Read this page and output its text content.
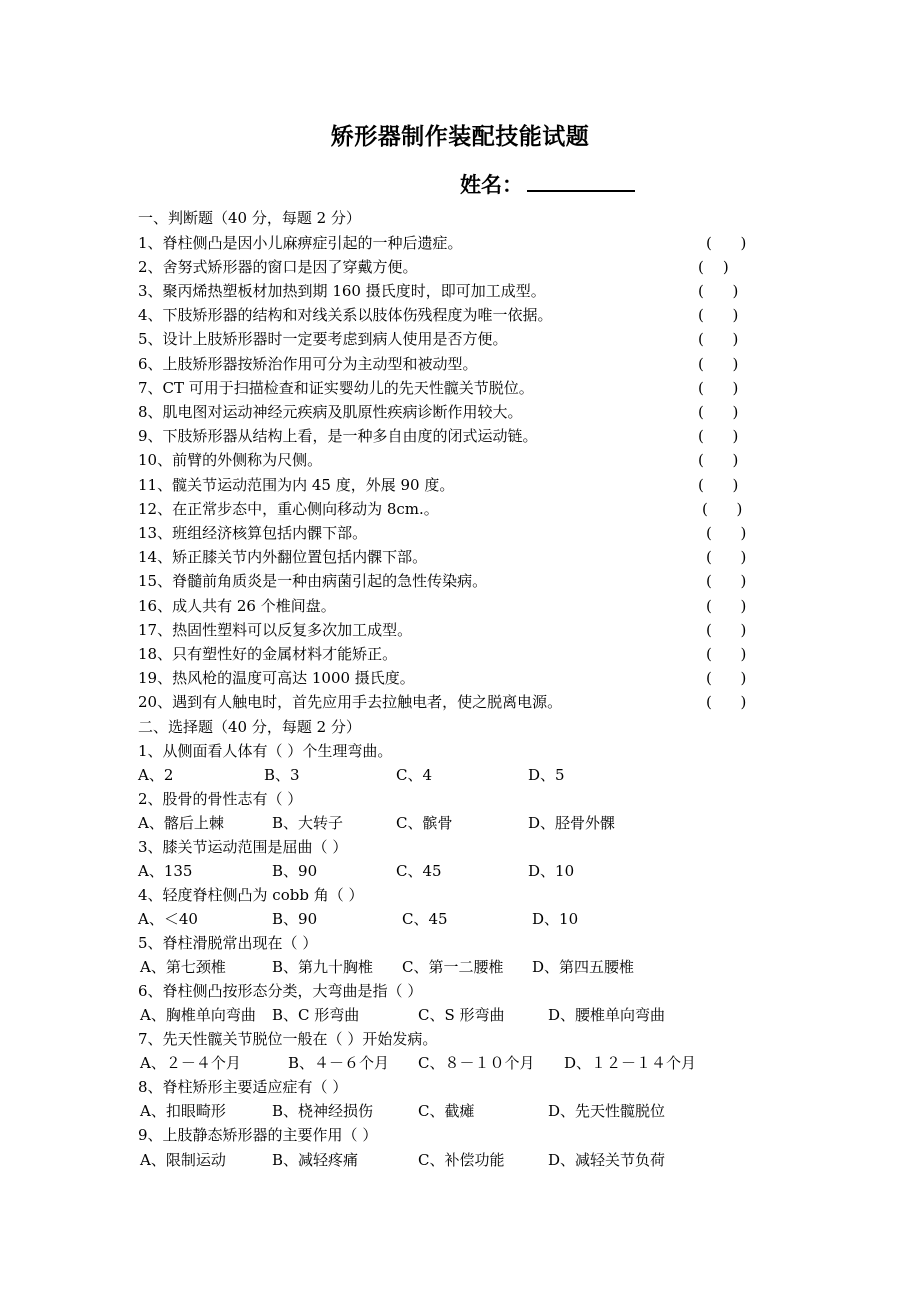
矫形器制作装配技能试题
姓名：
一、判断题（40 分，每题 2 分）
1、脊柱侧凸是因小儿麻痹症引起的一种后遗症。	(      )
2、舍努式矫形器的窗口是因了穿戴方便。	(    )
3、聚丙烯热塑板材加热到期 160 摄氏度时，即可加工成型。	(      )
4、下肢矫形器的结构和对线关系以肢体伤残程度为唯一依据。	(      )
5、设计上肢矫形器时一定要考虑到病人使用是否方便。	(      )
6、上肢矫形器按矫治作用可分为主动型和被动型。	(      )
7、CT 可用于扫描检查和证实婴幼儿的先天性髋关节脱位。	(      )
8、肌电图对运动神经元疾病及肌原性疾病诊断作用较大。	(      )
9、下肢矫形器从结构上看，是一种多自由度的闭式运动链。	(      )
10、前臂的外侧称为尺侧。	(      )
11、髋关节运动范围为内 45 度，外展 90 度。	(      )
12、在正常步态中，重心侧向移动为 8cm.。	(      )
13、班组经济核算包括内髁下部。	(      )
14、矫正膝关节内外翻位置包括内髁下部。	(      )
15、脊髓前角质炎是一种由病菌引起的急性传染病。	(      )
16、成人共有 26 个椎间盘。	(      )
17、热固性塑料可以反复多次加工成型。	(      )
18、只有塑性好的金属材料才能矫正。	(      )
19、热风枪的温度可高达 1000 摄氏度。	(      )
20、遇到有人触电时，首先应用手去拉触电者，使之脱离电源。	(      )
二、选择题（40 分，每题 2 分）
1、从侧面看人体有（ ）个生理弯曲。
A、2	B、3	C、4	D、5
2、股骨的骨性志有（ ）
A、髂后上棘	B、大转子	C、髌骨	D、胫骨外髁
3、膝关节运动范围是屈曲（ ）
A、135	B、90	C、45	D、10
4、轻度脊柱侧凸为 cobb 角（ ）
A、＜40	B、90	C、45	D、10
5、脊柱滑脱常出现在（ ）
A、第七颈椎	B、第九十胸椎 C、第一二腰椎 D、第四五腰椎
6、脊柱侧凸按形态分类，大弯曲是指（ ）
A、胸椎单向弯曲 B、C 形弯曲	C、S 形弯曲	D、腰椎单向弯曲
7、先天性髋关节脱位一般在（ ）开始发病。
A、２－４个月	B、４－６个月 C、８－１０个月 D、１２－１４个月
8、脊柱矫形主要适应症有（ ）
A、扣眼畸形	B、桡神经损伤	C、截瘫	D、先天性髋脱位
9、上肢静态矫形器的主要作用（ ）
A、限制运动	B、减轻疼痛	C、补偿功能	D、减轻关节负荷
